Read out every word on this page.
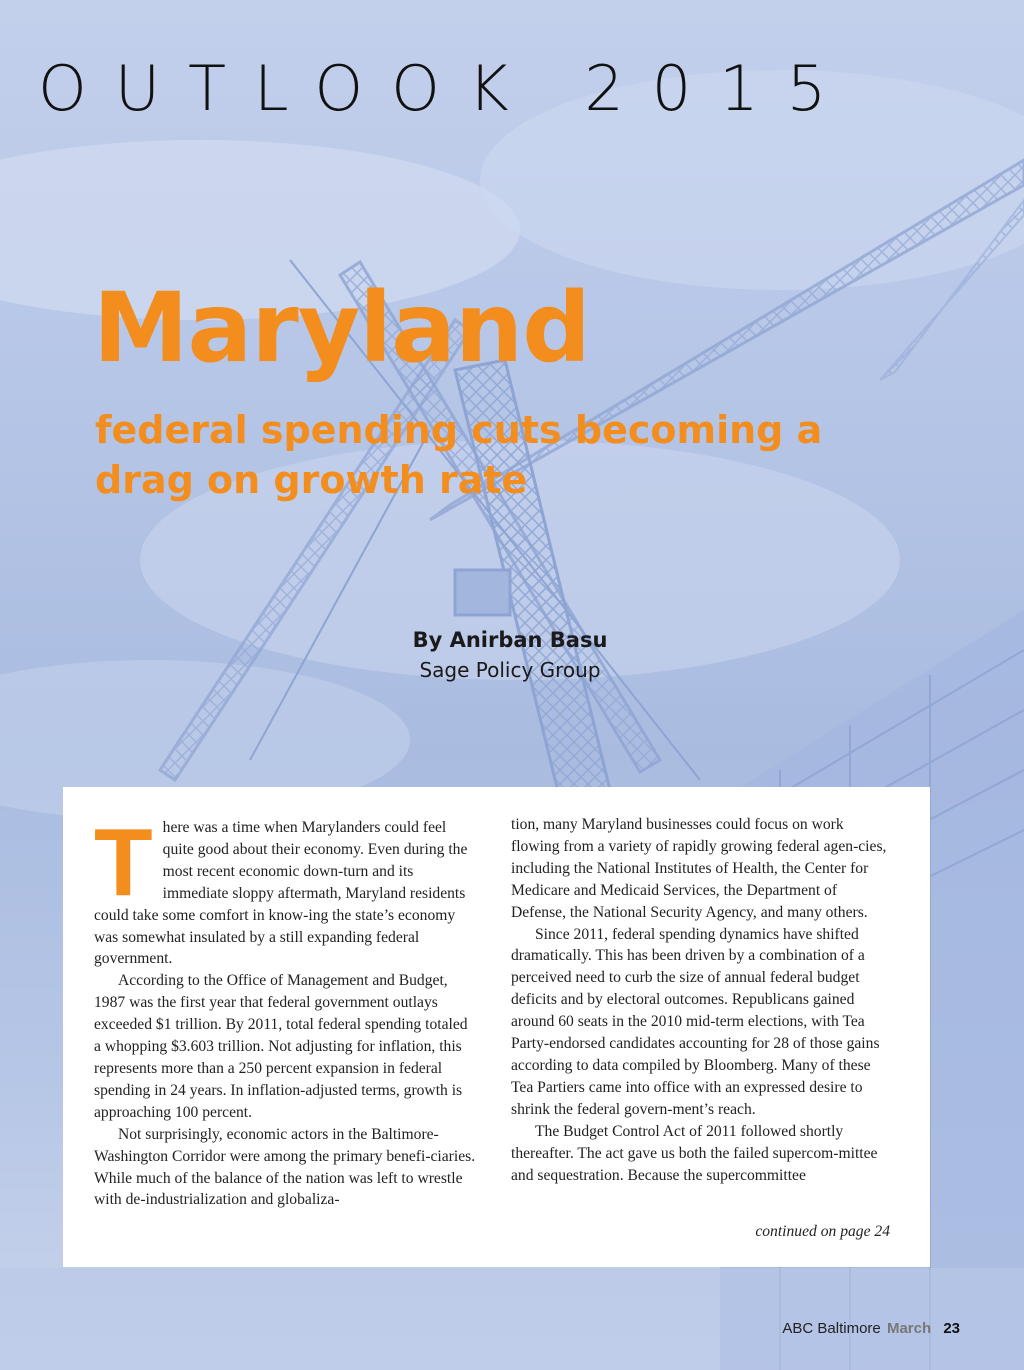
OUTLOOK 2015
Maryland
federal spending cuts becoming a drag on growth rate
By Anirban Basu
Sage Policy Group

There was a time when Marylanders could feel quite good about their economy. Even during the most recent economic down-turn and its immediate sloppy aftermath, Maryland residents could take some comfort in know-ing the state’s economy was somewhat insulated by a still expanding federal government.

According to the Office of Management and Budget, 1987 was the first year that federal government outlays exceeded $1 trillion. By 2011, total federal spending totaled a whopping $3.603 trillion. Not adjusting for inflation, this represents more than a 250 percent expansion in federal spending in 24 years. In inflation-adjusted terms, growth is approaching 100 percent.

Not surprisingly, economic actors in the Baltimore-Washington Corridor were among the primary benefi-ciaries. While much of the balance of the nation was left to wrestle with de-industrialization and globaliza-

tion, many Maryland businesses could focus on work flowing from a variety of rapidly growing federal agen-cies, including the National Institutes of Health, the Center for Medicare and Medicaid Services, the Department of Defense, the National Security Agency, and many others.

Since 2011, federal spending dynamics have shifted dramatically. This has been driven by a combination of a perceived need to curb the size of annual federal budget deficits and by electoral outcomes. Republicans gained around 60 seats in the 2010 mid-term elections, with Tea Party-endorsed candidates accounting for 28 of those gains according to data compiled by Bloomberg. Many of these Tea Partiers came into office with an expressed desire to shrink the federal govern-ment’s reach.

The Budget Control Act of 2011 followed shortly thereafter. The act gave us both the failed supercom-mittee and sequestration. Because the supercommittee

continued on page 24
ABC Baltimore March 23
